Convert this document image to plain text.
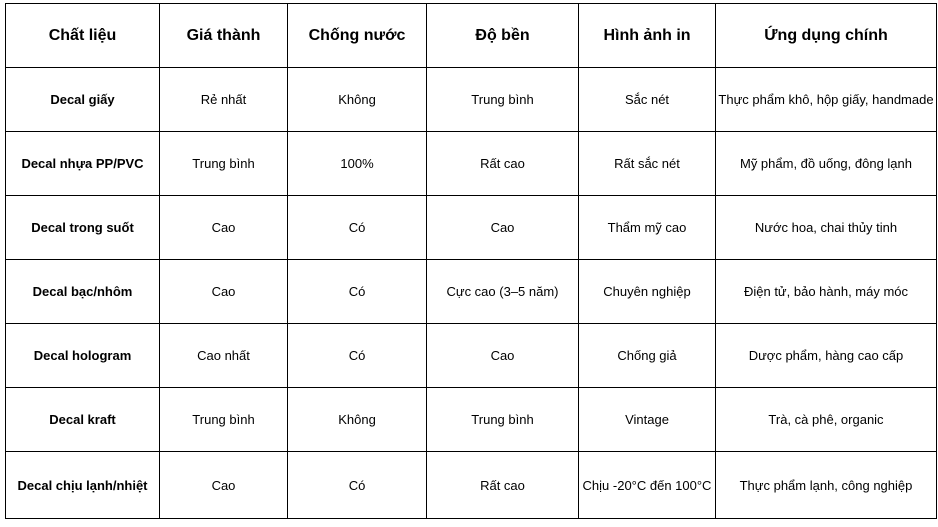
Chất liệu	Giá thành	Chống nước	Độ bền	Hình ảnh in	Ứng dụng chính
Decal giấy	Rẻ nhất	Không	Trung bình	Sắc nét	Thực phẩm khô, hộp giấy, handmade
Decal nhựa PP/PVC	Trung bình	100%	Rất cao	Rất sắc nét	Mỹ phẩm, đồ uống, đông lạnh
Decal trong suốt	Cao	Có	Cao	Thẩm mỹ cao	Nước hoa, chai thủy tinh
Decal bạc/nhôm	Cao	Có	Cực cao (3–5 năm)	Chuyên nghiệp	Điện tử, bảo hành, máy móc
Decal hologram	Cao nhất	Có	Cao	Chống giả	Dược phẩm, hàng cao cấp
Decal kraft	Trung bình	Không	Trung bình	Vintage	Trà, cà phê, organic
Decal chịu lạnh/nhiệt	Cao	Có	Rất cao	Chịu -20°C đến 100°C	Thực phẩm lạnh, công nghiệp
